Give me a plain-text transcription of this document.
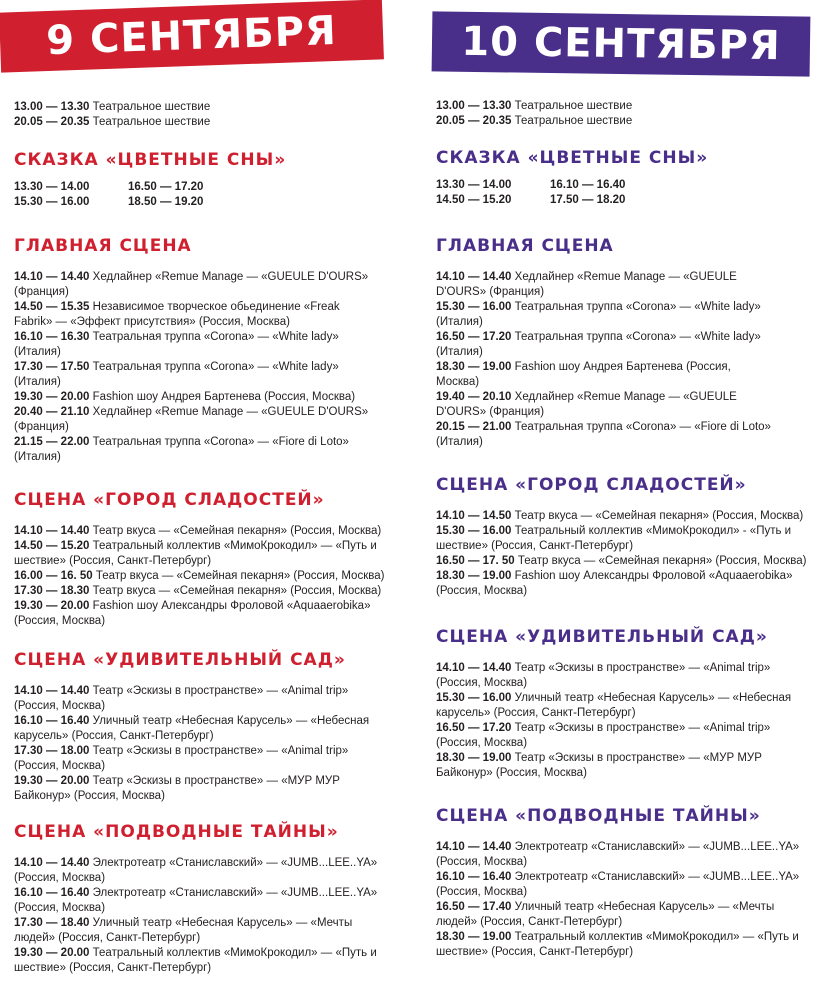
9 СЕНТЯБРЯ	10 СЕНТЯБРЯ

13.00 — 13.30 Театральное шествие

20.05 — 20.35 Театральное шествие

СКАЗКА «ЦВЕТНЫЕ СНЫ»

13.30 — 14.00	16.50 — 17.20
15.30 — 16.00	18.50 — 19.20

ГЛАВНАЯ СЦЕНА

14.10 — 14.40 Хедлайнер «Remue Manage — «GUEULE D'OURS»

(Франция)

14.50 — 15.35 Независимое творческое обьединение «Freak

Fabrik» — «Эффект присутствия» (Россия, Москва)

16.10 — 16.30 Театральная труппа «Corona» — «White lady»

(Италия)

17.30 — 17.50 Театральная труппа «Corona» — «White lady»

(Италия)

19.30 — 20.00 Fashion шоу Андрея Бартенева (Россия, Москва)

20.40 — 21.10 Хедлайнер «Remue Manage — «GUEULE D'OURS»

(Франция)

21.15 — 22.00 Театральная труппа «Corona» — «Fiore di Loto»

(Италия)

СЦЕНА «ГОРОД СЛАДОСТЕЙ»

14.10 — 14.40 Театр вкуса — «Семейная пекарня» (Россия, Москва)

14.50 — 15.20 Театральный коллектив «МимоКрокодил» — «Путь и

шествие» (Россия, Санкт-Петербург)

16.00 — 16. 50 Театр вкуса — «Семейная пекарня» (Россия, Москва)

17.30 — 18.30 Театр вкуса — «Семейная пекарня» (Россия, Москва)

19.30 — 20.00 Fashion шоу Александры Фроловой «Aquaaerobika»

(Россия, Москва)

СЦЕНА «УДИВИТЕЛЬНЫЙ САД»

14.10 — 14.40 Театр «Эскизы в пространстве» — «Animal trip»

(Россия, Москва)

16.10 — 16.40 Уличный театр «Небесная Карусель» — «Небесная

карусель» (Россия, Санкт-Петербург)

17.30 — 18.00 Театр «Эскизы в пространстве» — «Animal trip»

(Россия, Москва)

19.30 — 20.00 Театр «Эскизы в пространстве» — «МУР МУР

Байконур» (Россия, Москва)

СЦЕНА «ПОДВОДНЫЕ ТАЙНЫ»

14.10 — 14.40 Электротеатр «Станиславский» — «JUMB...LEE..YA»

(Россия, Москва)

16.10 — 16.40 Электротеатр «Станиславский» — «JUMB...LEE..YA»

(Россия, Москва)

17.30 — 18.40 Уличный театр «Небесная Карусель» — «Мечты

людей» (Россия, Санкт-Петербург)

19.30 — 20.00 Театральный коллектив «МимоКрокодил» — «Путь и

шествие» (Россия, Санкт-Петербург)

13.00 — 13.30 Театральное шествие

20.05 — 20.35 Театральное шествие

СКАЗКА «ЦВЕТНЫЕ СНЫ»

13.30 — 14.00	16.10 — 16.40
14.50 — 15.20	17.50 — 18.20

ГЛАВНАЯ СЦЕНА

14.10 — 14.40 Хедлайнер «Remue Manage — «GUEULE

D'OURS» (Франция)

15.30 — 16.00 Театральная труппа «Corona» — «White lady»

(Италия)

16.50 — 17.20 Театральная труппа «Corona» — «White lady»

(Италия)

18.30 — 19.00 Fashion шоу Андрея Бартенева (Россия,

Москва)

19.40 — 20.10 Хедлайнер «Remue Manage — «GUEULE

D'OURS» (Франция)

20.15 — 21.00 Театральная труппа «Corona» — «Fiore di Loto»

(Италия)

СЦЕНА «ГОРОД СЛАДОСТЕЙ»

14.10 — 14.50 Театр вкуса — «Семейная пекарня» (Россия, Москва)

15.30 — 16.00 Театральный коллектив «МимоКрокодил» - «Путь и

шествие» (Россия, Санкт-Петербург)

16.50 — 17. 50 Театр вкуса — «Семейная пекарня» (Россия, Москва)

18.30 — 19.00 Fashion шоу Александры Фроловой «Aquaaerobika»

(Россия, Москва)

СЦЕНА «УДИВИТЕЛЬНЫЙ САД»

14.10 — 14.40 Театр «Эскизы в пространстве» — «Animal trip»

(Россия, Москва)

15.30 — 16.00 Уличный театр «Небесная Карусель» — «Небесная

карусель» (Россия, Санкт-Петербург)

16.50 — 17.20 Театр «Эскизы в пространстве» — «Animal trip»

(Россия, Москва)

18.30 — 19.00 Театр «Эскизы в пространстве» — «МУР МУР

Байконур» (Россия, Москва)

СЦЕНА «ПОДВОДНЫЕ ТАЙНЫ»

14.10 — 14.40 Электротеатр «Станиславский» — «JUMB...LEE..YA»

(Россия, Москва)

16.10 — 16.40 Электротеатр «Станиславский» — «JUMB...LEE..YA»

(Россия, Москва)

16.50 — 17.40 Уличный театр «Небесная Карусель» — «Мечты

людей» (Россия, Санкт-Петербург)

18.30 — 19.00 Театральный коллектив «МимоКрокодил» — «Путь и

шествие» (Россия, Санкт-Петербург)
